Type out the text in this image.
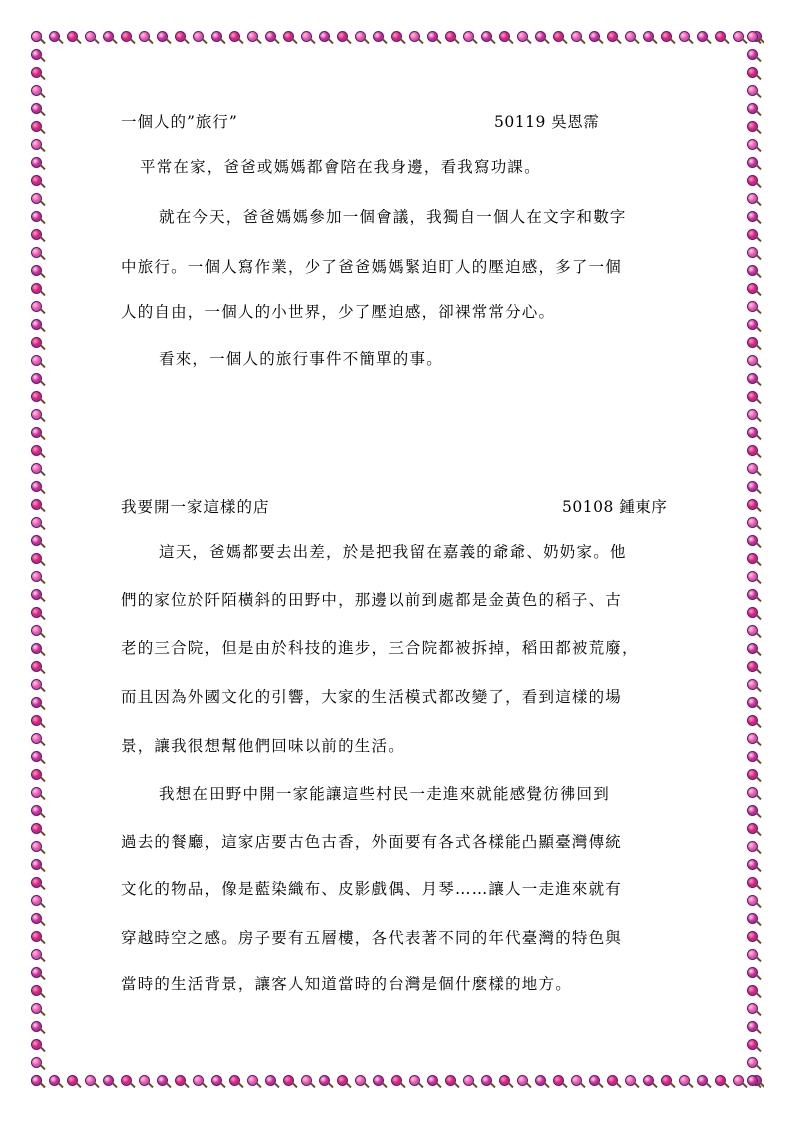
一個人的”旅行”	50119 吳恩霈
平常在家，爸爸或媽媽都會陪在我身邊，看我寫功課。
就在今天，爸爸媽媽參加一個會議，我獨自一個人在文字和數字
中旅行。一個人寫作業，少了爸爸媽媽緊迫盯人的壓迫感，多了一個
人的自由，一個人的小世界，少了壓迫感，卻裸常常分心。
看來，一個人的旅行事件不簡單的事。
我要開一家這樣的店	50108 鍾東序
這天，爸媽都要去出差，於是把我留在嘉義的爺爺、奶奶家。他
們的家位於阡陌橫斜的田野中，那邊以前到處都是金黃色的稻子、古
老的三合院，但是由於科技的進步，三合院都被拆掉，稻田都被荒廢，
而且因為外國文化的引響，大家的生活模式都改變了，看到這樣的場
景，讓我很想幫他們回味以前的生活。
我想在田野中開一家能讓這些村民一走進來就能感覺彷彿回到
過去的餐廳，這家店要古色古香，外面要有各式各樣能凸顯臺灣傳統
文化的物品，像是藍染織布、皮影戲偶、月琴……讓人一走進來就有
穿越時空之感。房子要有五層樓，各代表著不同的年代臺灣的特色與
當時的生活背景，讓客人知道當時的台灣是個什麼樣的地方。
